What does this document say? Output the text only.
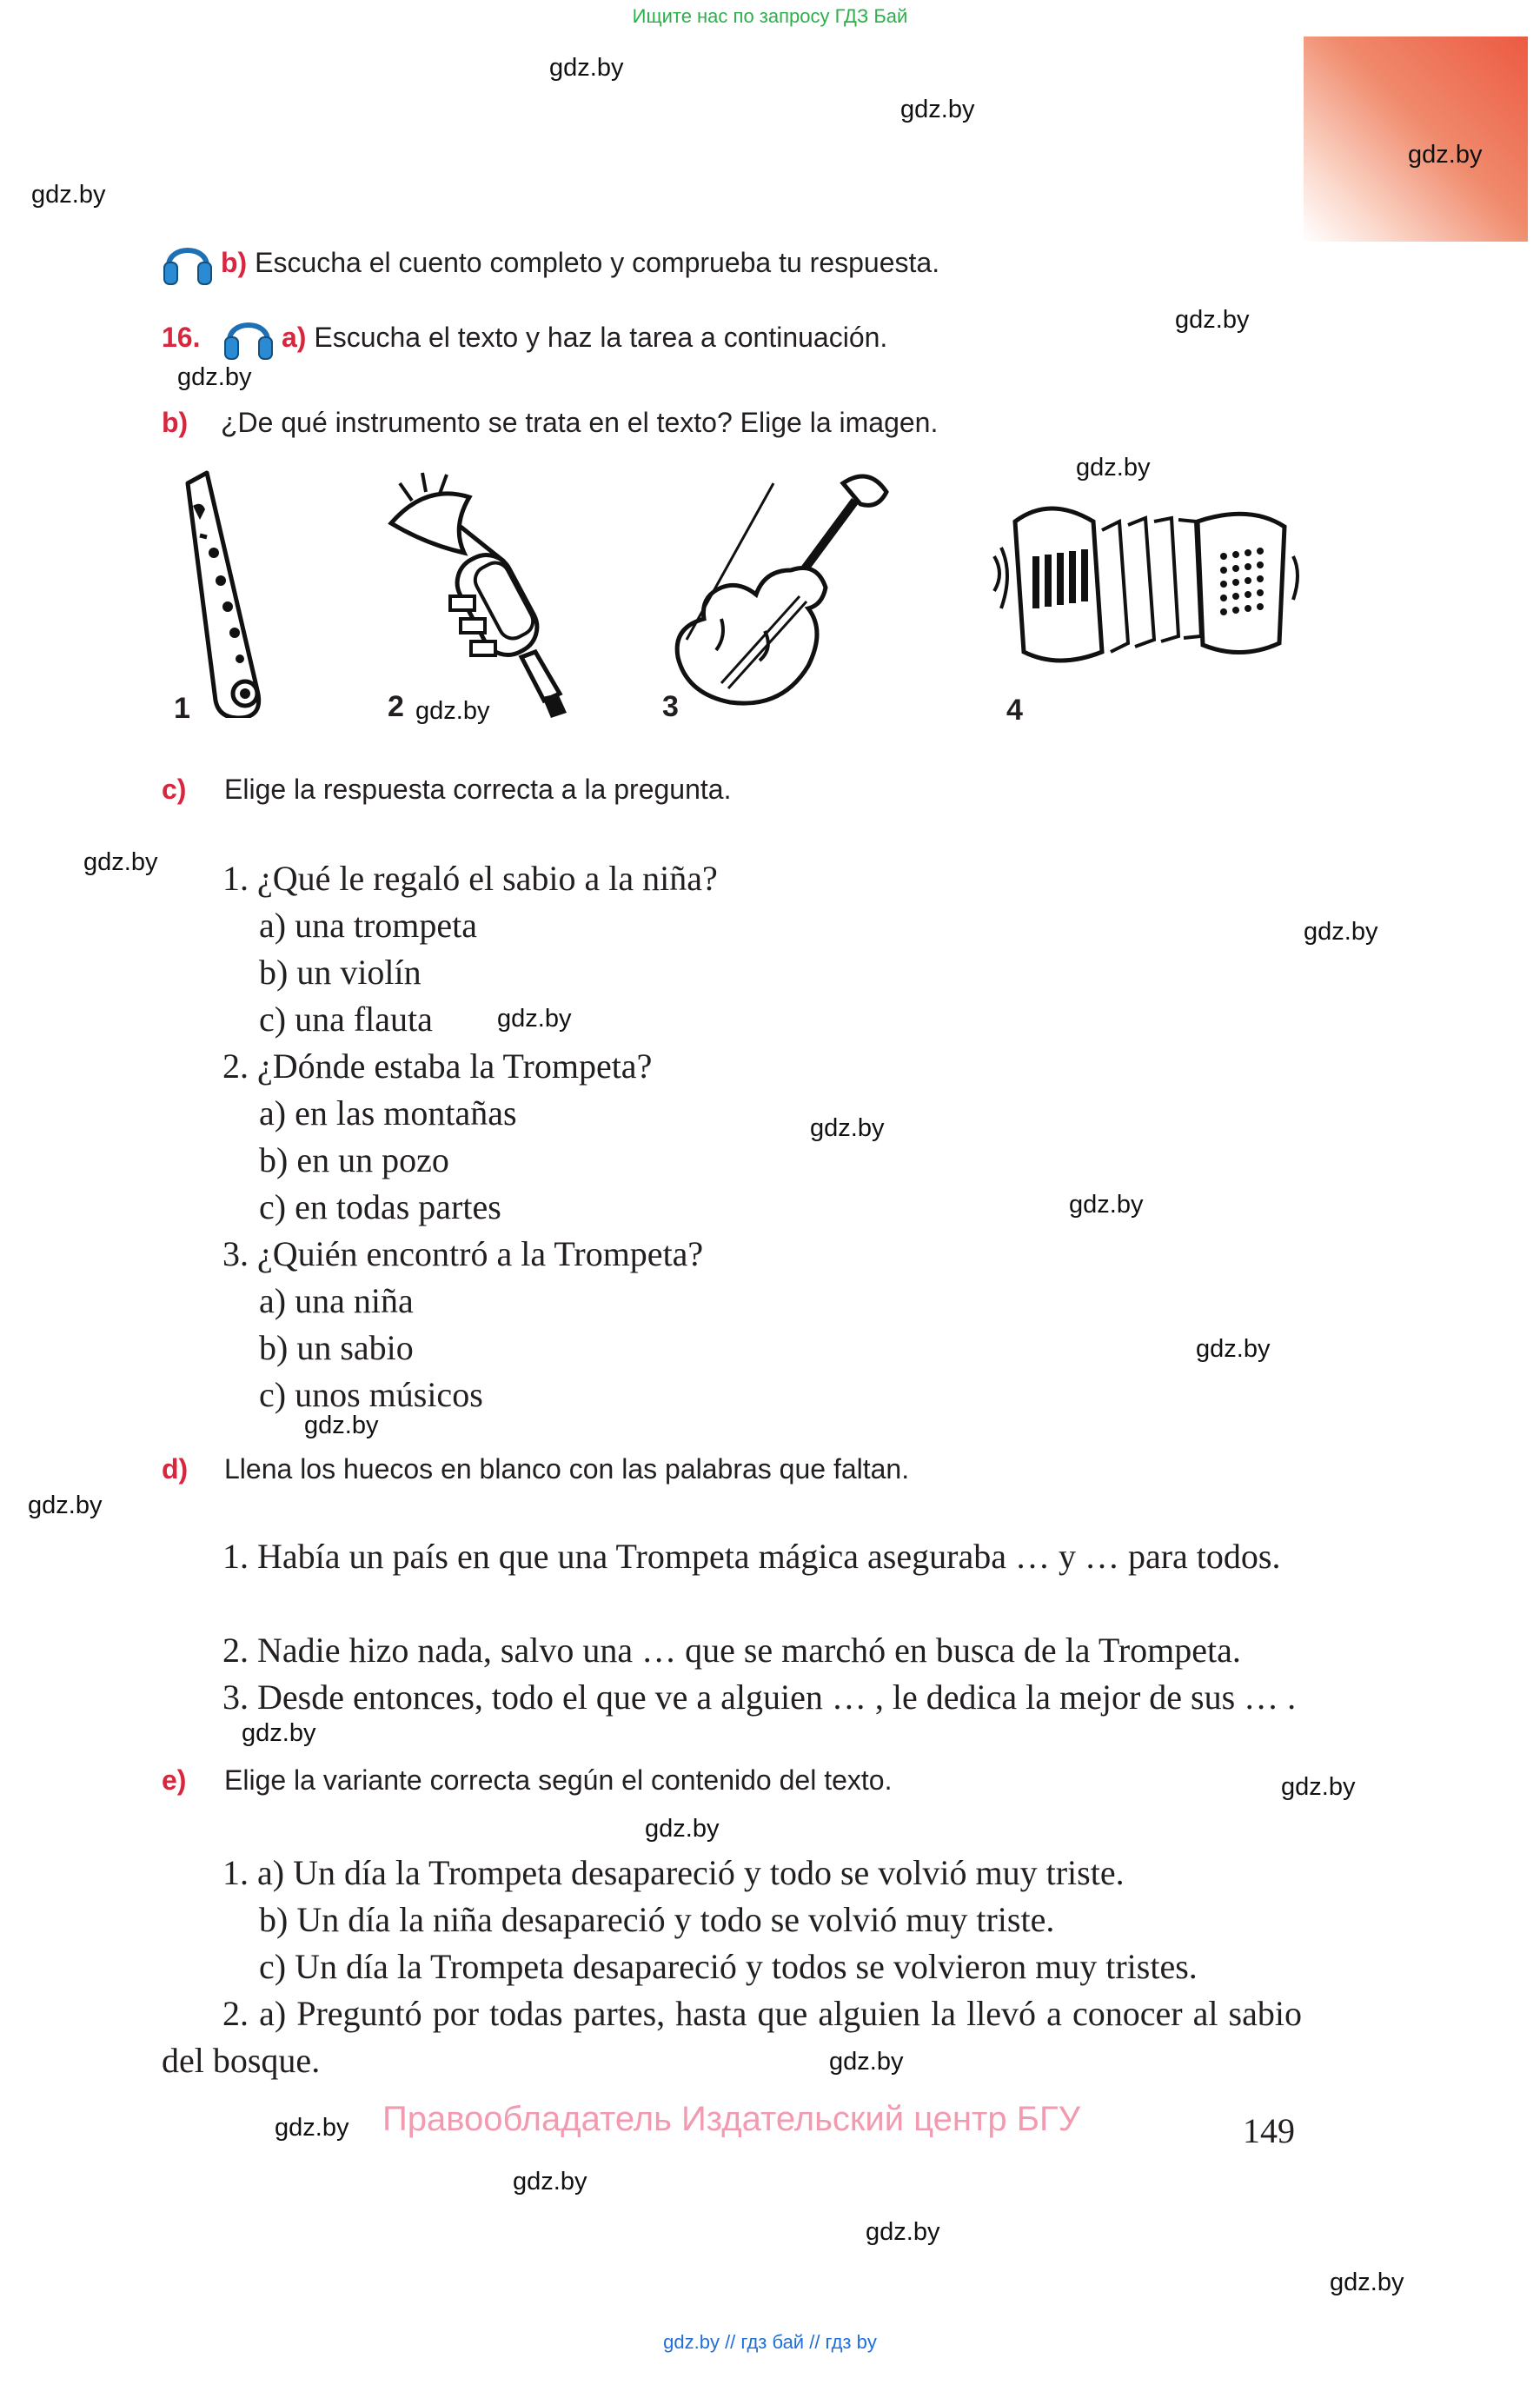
Ищите нас по запросу ГДЗ Бай
gdz.by
gdz.by
gdz.by
gdz.by
gdz.by
gdz.by
gdz.by
gdz.by
gdz.by
gdz.by
gdz.by
gdz.by
gdz.by
gdz.by
gdz.by
gdz.by
gdz.by
gdz.by
gdz.by
gdz.by
gdz.by
gdz.by
gdz.by
gdz.by
b) Escucha el cuento completo y comprueba tu respuesta.
16.	a) Escucha el texto y haz la tarea a continuación.
b) ¿De qué instrumento se trata en el texto? Elige la imagen.
1	2	3	4
c) Elige la respuesta correcta a la pregunta.
1. ¿Qué le regaló el sabio a la niña?
a) una trompeta
b) un violín
c) una flauta
2. ¿Dónde estaba la Trompeta?
a) en las montañas
b) en un pozo
c) en todas partes
3. ¿Quién encontró a la Trompeta?
a) una niña
b) un sabio
c) unos músicos
d) Llena los huecos en blanco con las palabras que faltan.
1. Había un país en que una Trompeta mágica aseguraba … y … para todos.
2. Nadie hizo nada, salvo una … que se marchó en busca de la Trompeta.
3. Desde entonces, todo el que ve a alguien … , le dedica la mejor de sus … .
e) Elige la variante correcta según el contenido del texto.
1. a) Un día la Trompeta desapareció y todo se volvió muy triste.
b) Un día la niña desapareció y todo se volvió muy triste.
c) Un día la Trompeta desapareció y todos se volvieron muy tristes.
2. a) Preguntó por todas partes, hasta que alguien la llevó a conocer al sabio del bosque.
Правообладатель Издательский центр БГУ	149
gdz.by // гдз бай // гдз by
